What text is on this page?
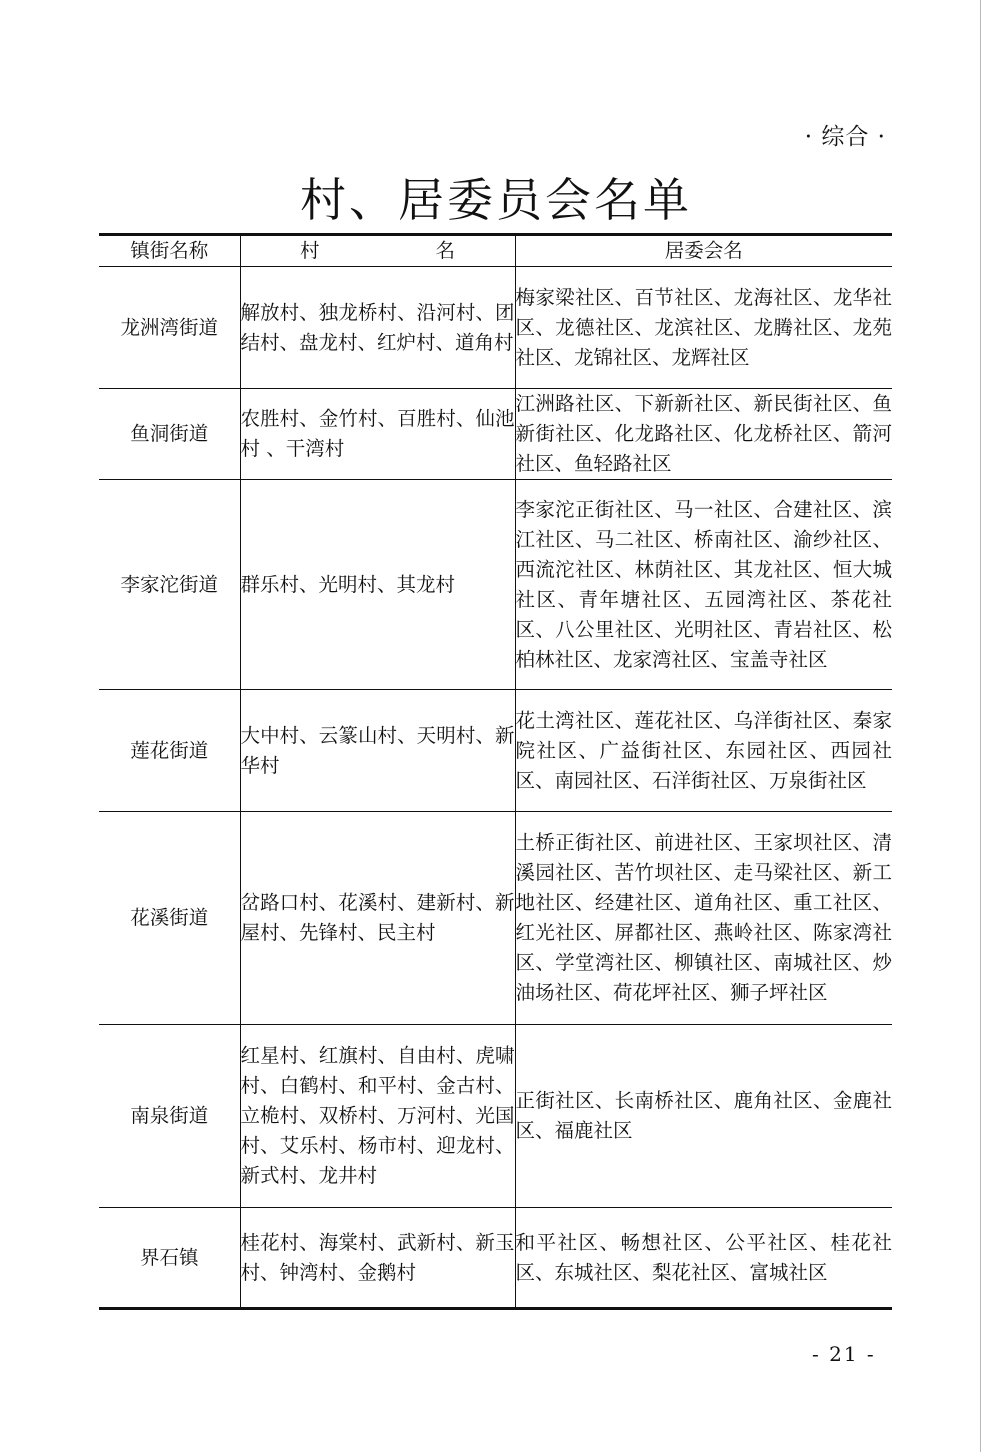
· 综合 ·
村、居委员会名单
镇街名称	村 名	居委会名
龙洲湾街道	解放村、独龙桥村、沿河村、团结村、盘龙村、红炉村、道角村	梅家梁社区、百节社区、龙海社区、龙华社区、龙德社区、龙滨社区、龙腾社区、龙苑社区、龙锦社区、龙辉社区
鱼洞街道	农胜村、金竹村、百胜村、仙池村 、干湾村	江洲路社区、下新新社区、新民街社区、鱼新街社区、化龙路社区、化龙桥社区、箭河社区、鱼轻路社区
李家沱街道	群乐村、光明村、其龙村	李家沱正街社区、马一社区、合建社区、滨江社区、马二社区、桥南社区、渝纱社区、西流沱社区、林荫社区、其龙社区、恒大城社区、青年塘社区、五园湾社区、茶花社区、八公里社区、光明社区、青岩社区、松柏林社区、龙家湾社区、宝盖寺社区
莲花街道	大中村、云篆山村、天明村、新华村	花土湾社区、莲花社区、乌洋街社区、秦家院社区、广益街社区、东园社区、西园社区、南园社区、石洋街社区、万泉街社区
花溪街道	岔路口村、花溪村、建新村、新屋村、先锋村、民主村	土桥正街社区、前进社区、王家坝社区、清溪园社区、苦竹坝社区、走马梁社区、新工地社区、经建社区、道角社区、重工社区、红光社区、屏都社区、燕岭社区、陈家湾社区、学堂湾社区、柳镇社区、南城社区、炒油场社区、荷花坪社区、狮子坪社区
南泉街道	红星村、红旗村、自由村、虎啸村、白鹤村、和平村、金古村、立桅村、双桥村、万河村、光国村、艾乐村、杨市村、迎龙村、新式村、龙井村	正街社区、长南桥社区、鹿角社区、金鹿社区、福鹿社区
界石镇	桂花村、海棠村、武新村、新玉村、钟湾村、金鹅村	和平社区、畅想社区、公平社区、桂花社区、东城社区、梨花社区、富城社区
- 21 -
